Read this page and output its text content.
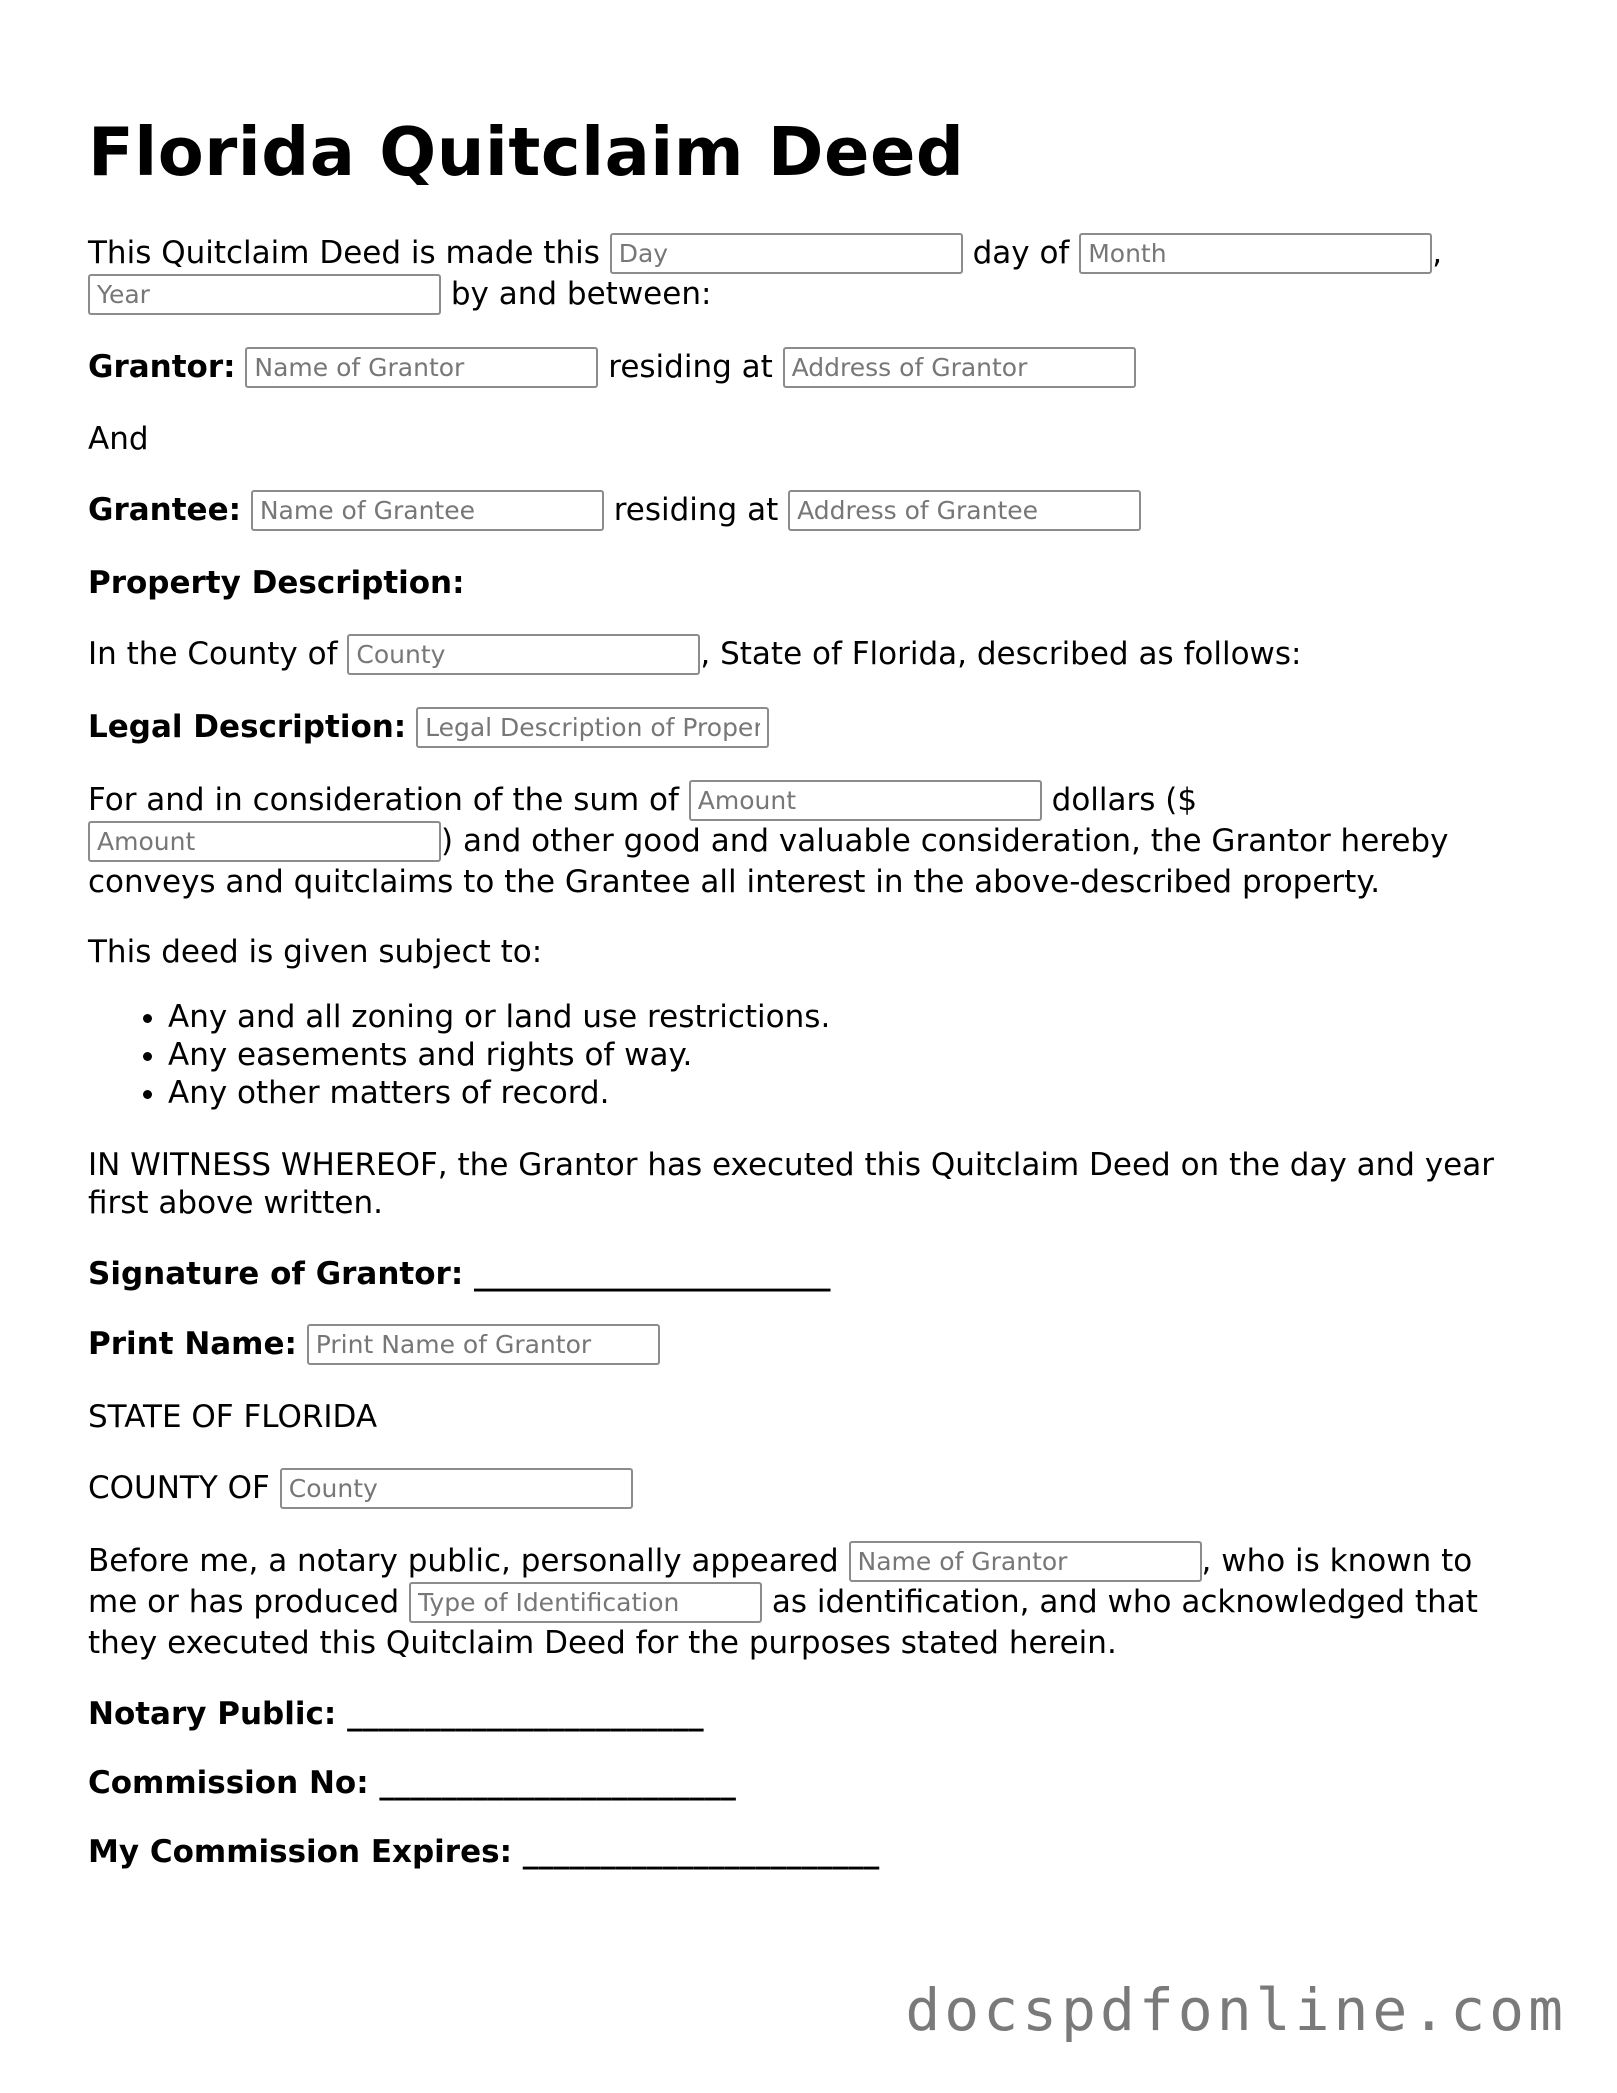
Florida Quitclaim Deed
This Quitclaim Deed is made this Day	day of Month	,
Year by and between:
Grantor: Name of Grantor	residing at Address of Grantor
And
Grantee: Name of Grantee	residing at Address of Grantee
Property Description:
In the County of County	, State of Florida, described as follows:
Legal Description: Legal Description of Property
For and in consideration of the sum of Amount	dollars ($
Amount) and other good and valuable consideration, the Grantor hereby
conveys and quitclaims to the Grantee all interest in the above-described property.
This deed is given subject to:
• Any and all zoning or land use restrictions.
• Any easements and rights of way.
• Any other matters of record.
IN WITNESS WHEREOF, the Grantor has executed this Quitclaim Deed on the day and year
first above written.
Signature of Grantor: _______________________
Print Name: Print Name of Grantor
STATE OF FLORIDA
COUNTY OF County
Before me, a notary public, personally appeared Name of Grantor	, who is known to
me or has produced Type of Identification	as identification, and who acknowledged that
they executed this Quitclaim Deed for the purposes stated herein.
Notary Public: _______________________
Commission No: _______________________
My Commission Expires: _______________________
docspdfonline.com
